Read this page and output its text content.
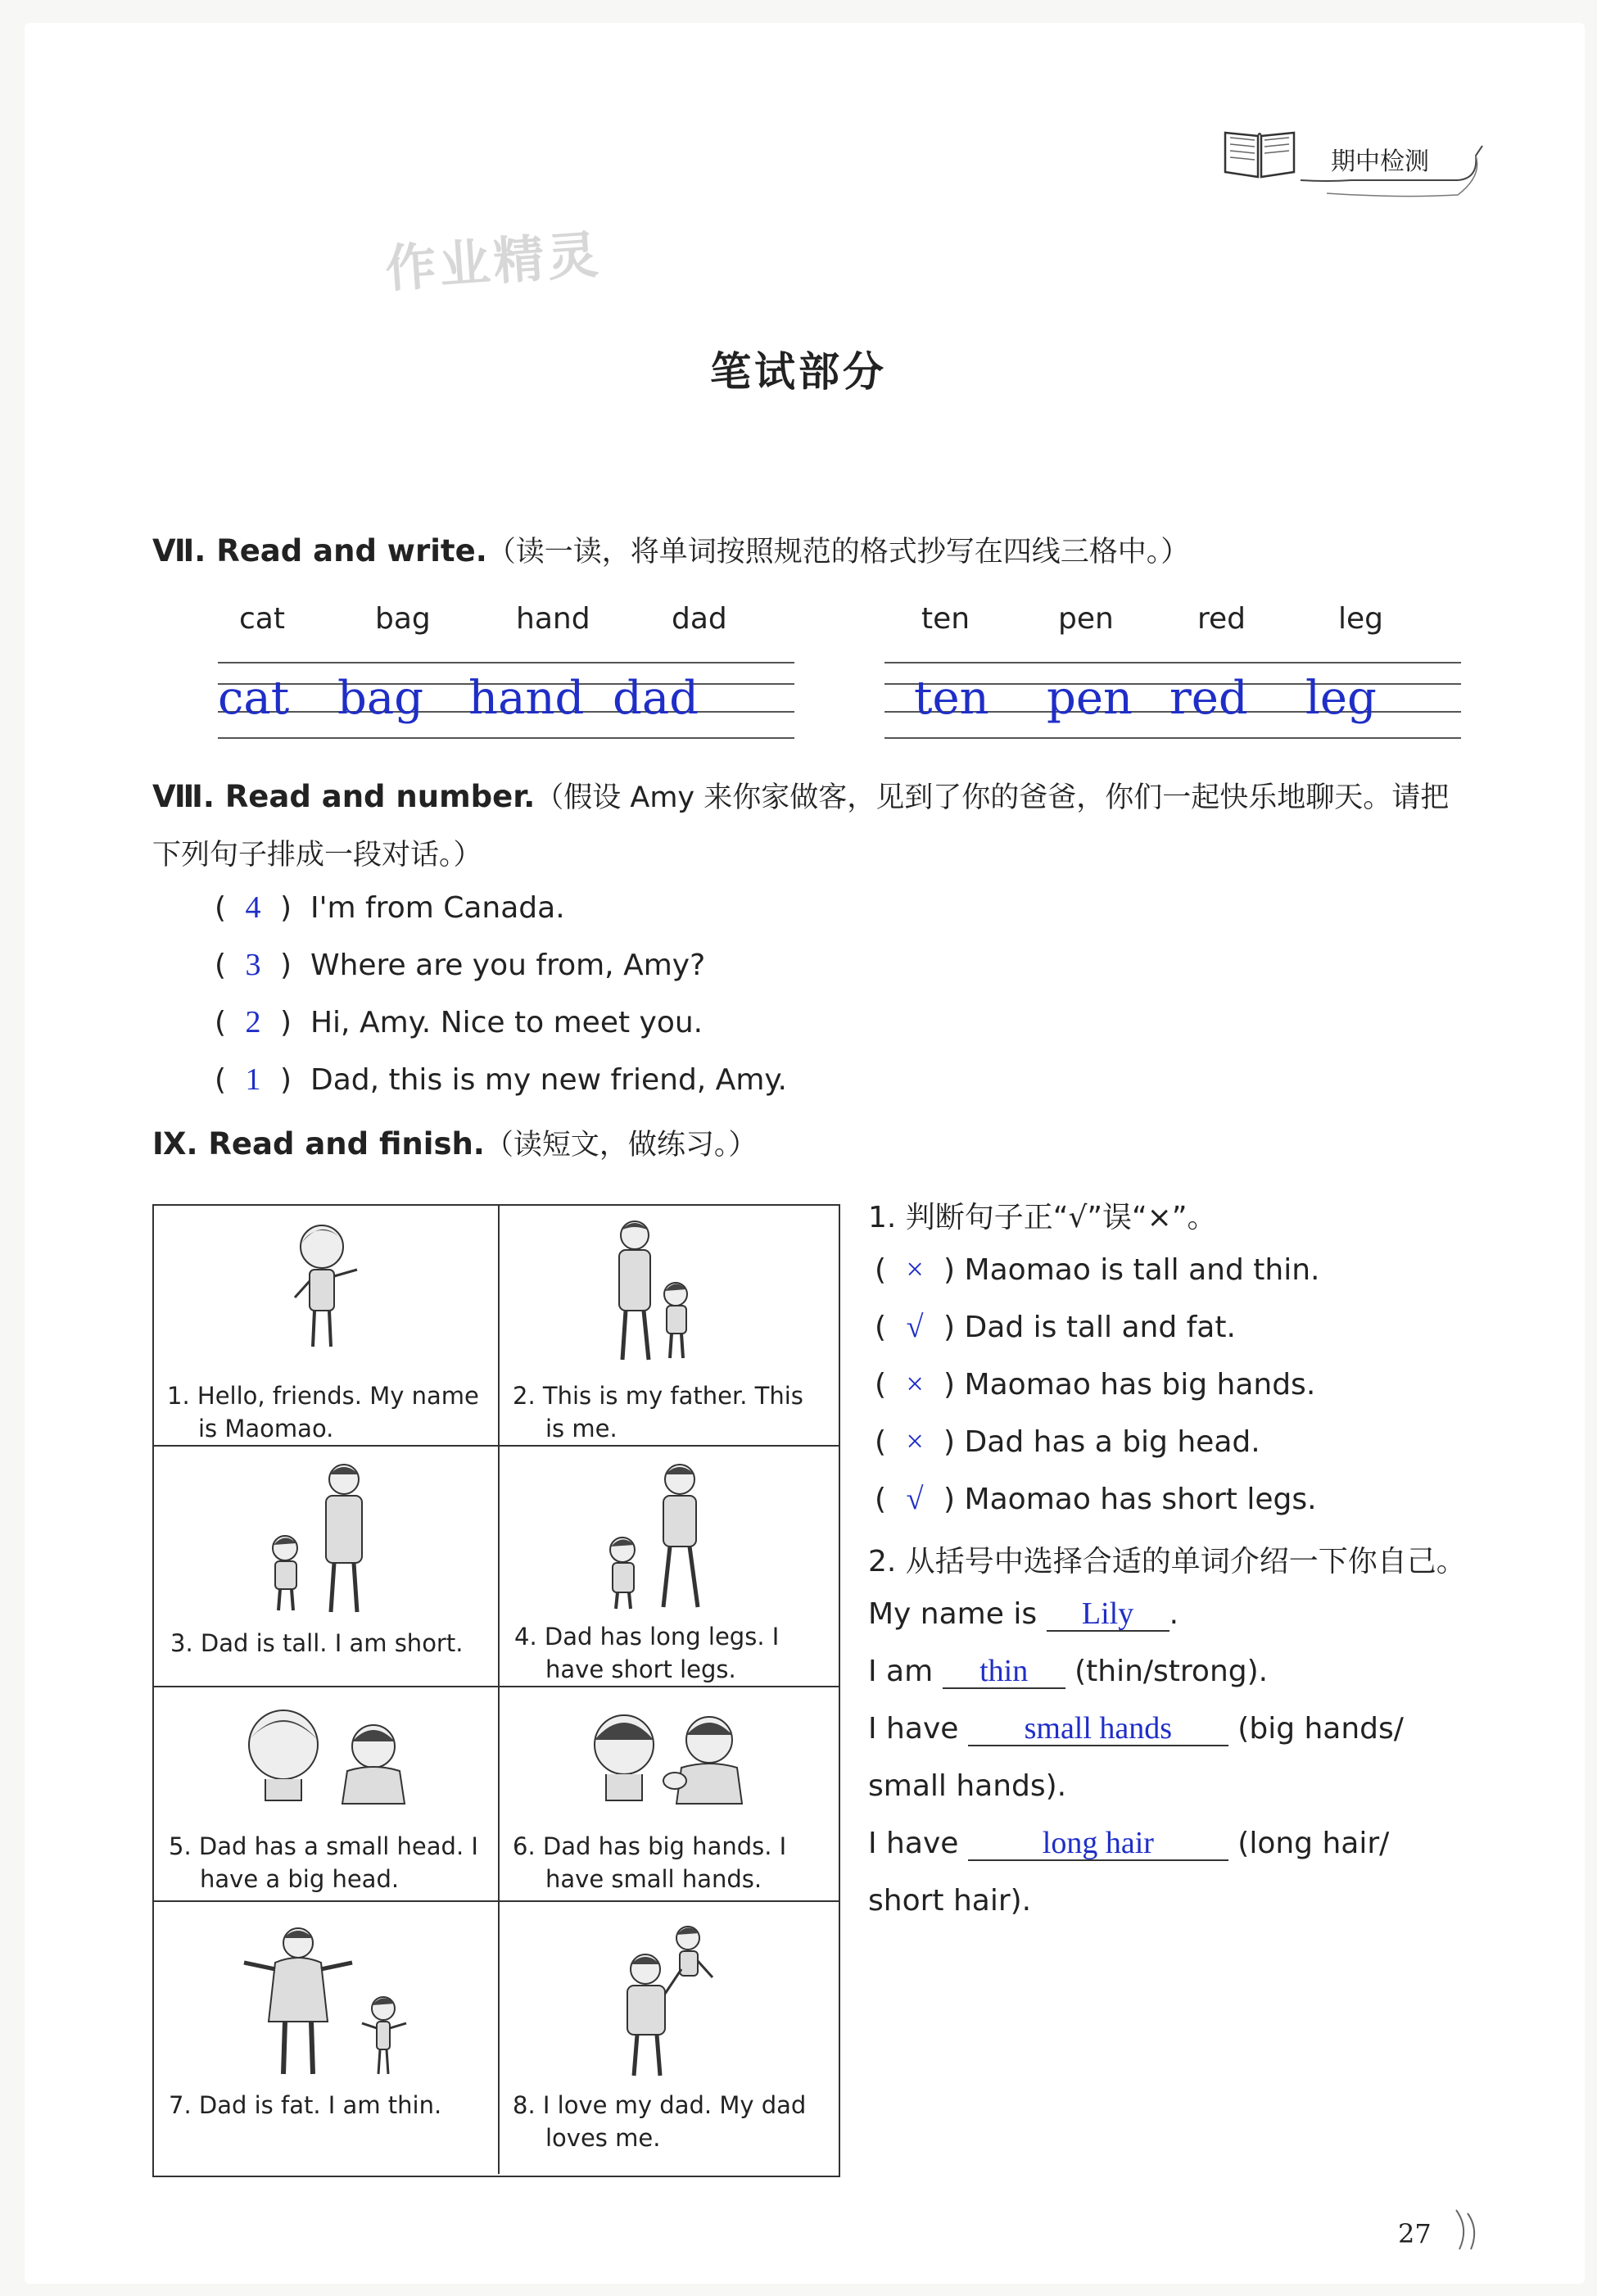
期中检测
作业精灵
笔试部分
Ⅶ. Read and write.（读一读，将单词按照规范的格式抄写在四线三格中。）
cat	bag	hand	dad	ten	pen	red	leg
cat bag hand dad	ten pen red leg
Ⅷ. Read and number.（假设 Amy 来你家做客，见到了你的爸爸，你们一起快乐地聊天。请把
下列句子排成一段对话。）
( 4 ) I'm from Canada.
( 3 ) Where are you from, Amy?
( 2 ) Hi, Amy. Nice to meet you.
( 1 ) Dad, this is my new friend, Amy.
Ⅸ. Read and finish.（读短文，做练习。）
1. Hello, friends. My name
is Maomao.
2. This is my father. This
is me.
3. Dad is tall. I am short. 4. Dad has long legs. I
have short legs.
5. Dad has a small head. I
have a big head.
6. Dad has big hands. I
have small hands.
7. Dad is fat. I am thin.	8. I love my dad. My dad
loves me.
1. 判断句子正“√”误“×”。
( × ) Maomao is tall and thin.
( √ ) Dad is tall and fat.
( × ) Maomao has big hands.
( × ) Dad has a big head.
( √ ) Maomao has short legs.
2. 从括号中选择合适的单词介绍一下你自己。
My name is Lily .
I am thin (thin/strong).
I have small hands (big hands/
small hands).
I have	long hair	(long hair/
short hair).
27
